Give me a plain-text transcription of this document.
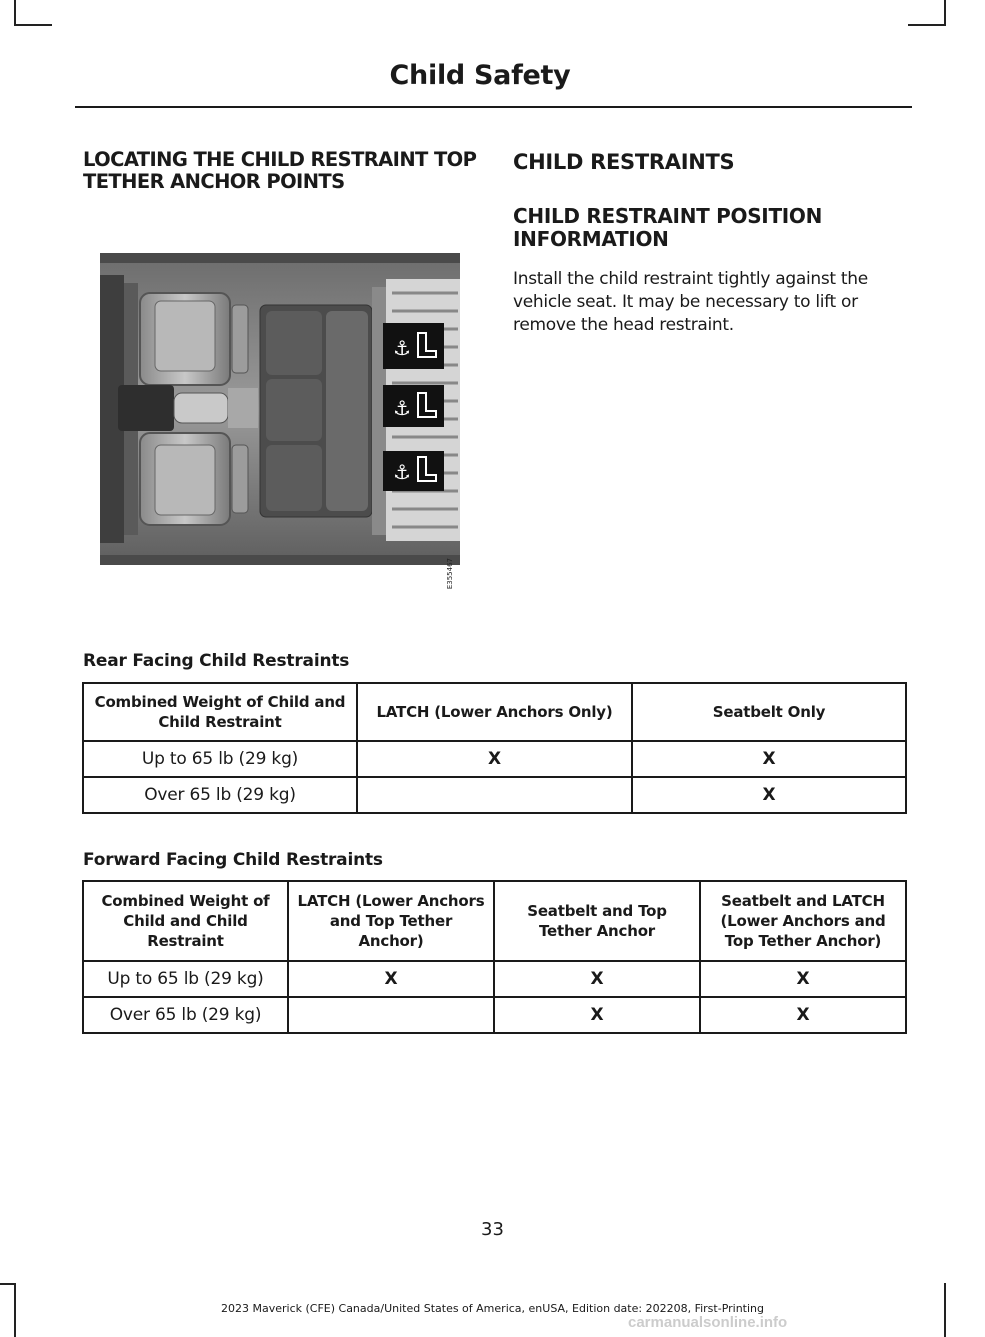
Child Safety
LOCATING THE CHILD RESTRAINT TOP TETHER ANCHOR POINTS
CHILD RESTRAINTS
CHILD RESTRAINT POSITION INFORMATION
Install the child restraint tightly against the vehicle seat. It may be necessary to lift or remove the head restraint.
⚓
⚓
⚓
E355467
Rear Facing Child Restraints
Combined Weight of Child and Child Restraint	LATCH (Lower Anchors Only)	Seatbelt Only
Up to 65 lb (29 kg)	X	X
Over 65 lb (29 kg)		X
Forward Facing Child Restraints
Combined Weight of Child and Child Restraint	LATCH (Lower Anchors and Top Tether Anchor)	Seatbelt and Top Tether Anchor	Seatbelt and LATCH (Lower Anchors and Top Tether Anchor)
Up to 65 lb (29 kg)	X	X	X
Over 65 lb (29 kg)		X	X
33
2023 Maverick (CFE) Canada/United States of America, enUSA, Edition date: 202208, First-Printing
carmanualsonline.info
